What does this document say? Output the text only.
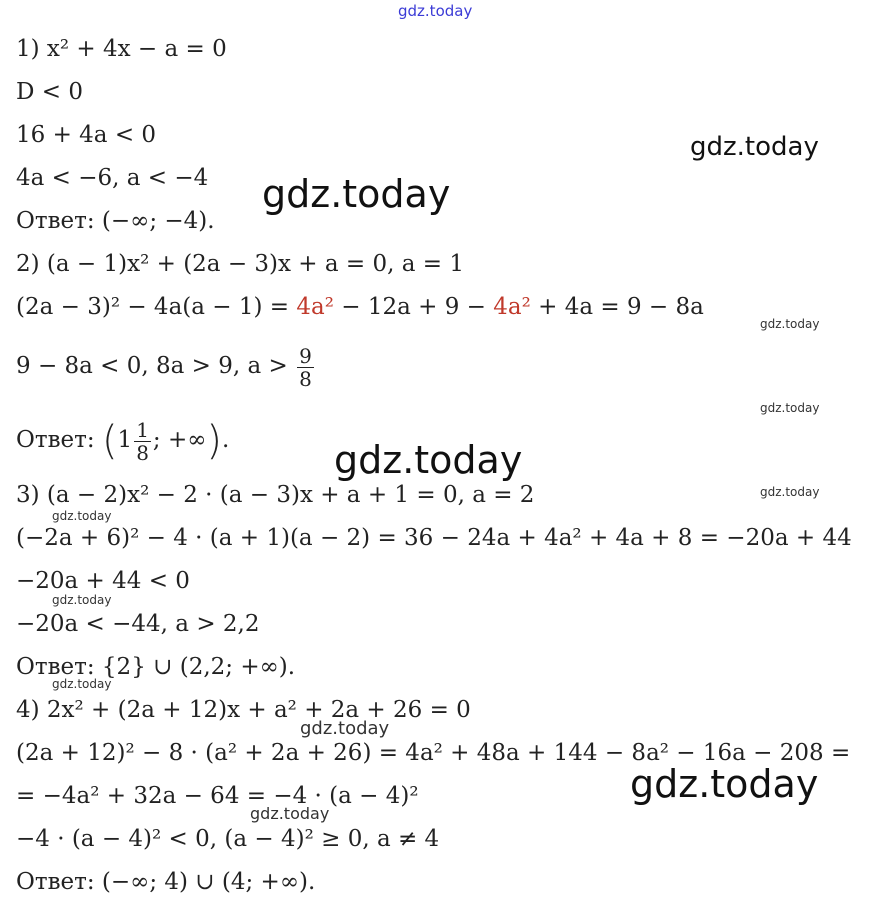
gdz.today
gdz.today
gdz.today
gdz.today
gdz.today
gdz.today
gdz.today
gdz.today
gdz.today
gdz.today
gdz.today
gdz.today
gdz.today
1) x² + 4x − a = 0
D < 0
16 + 4a < 0
4a < −6, a < −4
Ответ: (−∞; −4).
2) (a − 1)x² + (2a − 3)x + a = 0, a = 1
(2a − 3)² − 4a(a − 1) = 4a² − 12a + 9 − 4a² + 4a = 9 − 8a
9 − 8a < 0, 8a > 9, $a > \frac{9}{8}$
Ответ: ($1 \frac{1}{8}$ ; +∞).
3) (a − 2)x² − 2 · (a − 3)x + a + 1 = 0, a = 2
(−2a + 6)² − 4 · (a + 1)(a − 2) = 36 − 24a + 4a² + 4a + 8 = −20a + 44
−20a + 44 < 0
−20a < −44, a > 2,2
Ответ: {2} ∪ (2,2; +∞).
4) 2x² + (2a + 12)x + a² + 2a + 26 = 0
(2a + 12)² − 8 · (a² + 2a + 26) = 4a² + 48a + 144 − 8a² − 16a − 208 =
= −4a² + 32a − 64 = −4 · (a − 4)²
−4 · (a − 4)² < 0, (a − 4)² ≥ 0, a ≠ 4
Ответ: (−∞; 4) ∪ (4; +∞).
